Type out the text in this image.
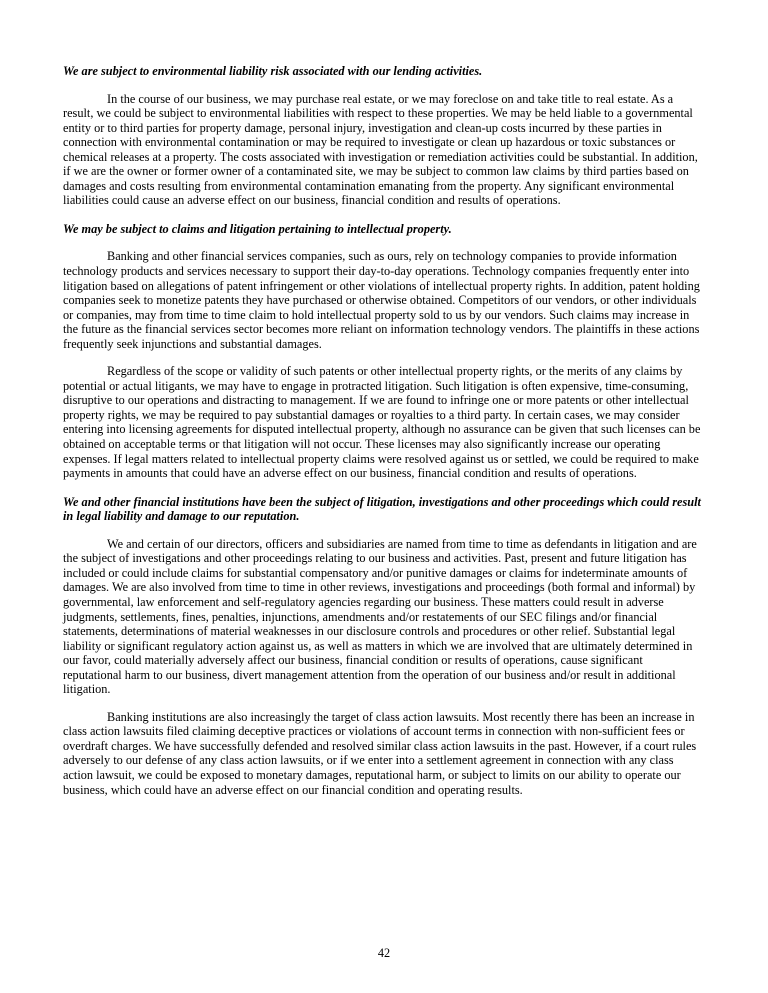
We are subject to environmental liability risk associated with our lending activities.

In the course of our business, we may purchase real estate, or we may foreclose on and take title to real estate. As a result, we could be subject to environmental liabilities with respect to these properties. We may be held liable to a governmental entity or to third parties for property damage, personal injury, investigation and clean-up costs incurred by these parties in connection with environmental contamination or may be required to investigate or clean up hazardous or toxic substances or chemical releases at a property. The costs associated with investigation or remediation activities could be substantial. In addition, if we are the owner or former owner of a contaminated site, we may be subject to common law claims by third parties based on damages and costs resulting from environmental contamination emanating from the property. Any significant environmental liabilities could cause an adverse effect on our business, financial condition and results of operations.

We may be subject to claims and litigation pertaining to intellectual property.

Banking and other financial services companies, such as ours, rely on technology companies to provide information technology products and services necessary to support their day-to-day operations. Technology companies frequently enter into litigation based on allegations of patent infringement or other violations of intellectual property rights. In addition, patent holding companies seek to monetize patents they have purchased or otherwise obtained. Competitors of our vendors, or other individuals or companies, may from time to time claim to hold intellectual property sold to us by our vendors. Such claims may increase in the future as the financial services sector becomes more reliant on information technology vendors. The plaintiffs in these actions frequently seek injunctions and substantial damages.

Regardless of the scope or validity of such patents or other intellectual property rights, or the merits of any claims by potential or actual litigants, we may have to engage in protracted litigation. Such litigation is often expensive, time-consuming, disruptive to our operations and distracting to management. If we are found to infringe one or more patents or other intellectual property rights, we may be required to pay substantial damages or royalties to a third party. In certain cases, we may consider entering into licensing agreements for disputed intellectual property, although no assurance can be given that such licenses can be obtained on acceptable terms or that litigation will not occur. These licenses may also significantly increase our operating expenses. If legal matters related to intellectual property claims were resolved against us or settled, we could be required to make payments in amounts that could have an adverse effect on our business, financial condition and results of operations.

We and other financial institutions have been the subject of litigation, investigations and other proceedings which could result in legal liability and damage to our reputation.

We and certain of our directors, officers and subsidiaries are named from time to time as defendants in litigation and are the subject of investigations and other proceedings relating to our business and activities. Past, present and future litigation has included or could include claims for substantial compensatory and/or punitive damages or claims for indeterminate amounts of damages. We are also involved from time to time in other reviews, investigations and proceedings (both formal and informal) by governmental, law enforcement and self-regulatory agencies regarding our business. These matters could result in adverse judgments, settlements, fines, penalties, injunctions, amendments and/or restatements of our SEC filings and/or financial statements, determinations of material weaknesses in our disclosure controls and procedures or other relief. Substantial legal liability or significant regulatory action against us, as well as matters in which we are involved that are ultimately determined in our favor, could materially adversely affect our business, financial condition or results of operations, cause significant reputational harm to our business, divert management attention from the operation of our business and/or result in additional litigation.

Banking institutions are also increasingly the target of class action lawsuits. Most recently there has been an increase in class action lawsuits filed claiming deceptive practices or violations of account terms in connection with non-sufficient fees or overdraft charges. We have successfully defended and resolved similar class action lawsuits in the past. However, if a court rules adversely to our defense of any class action lawsuits, or if we enter into a settlement agreement in connection with any class action lawsuit, we could be exposed to monetary damages, reputational harm, or subject to limits on our ability to operate our business, which could have an adverse effect on our financial condition and operating results.

42
